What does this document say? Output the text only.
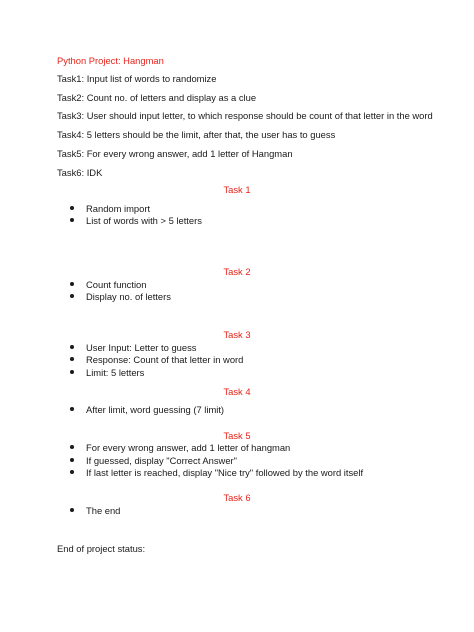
Python Project: Hangman
Task1: Input list of words to randomize
Task2: Count no. of letters and display as a clue
Task3: User should input letter, to which response should be count of that letter in the word
Task4: 5 letters should be the limit, after that, the user has to guess
Task5: For every wrong answer, add 1 letter of Hangman
Task6: IDK
Task 1
Random import
List of words with > 5 letters
Task 2
Count function
Display no. of letters
Task 3
User Input: Letter to guess
Response: Count of that letter in word
Limit: 5 letters
Task 4
After limit, word guessing (7 limit)
Task 5
For every wrong answer, add 1 letter of hangman
If guessed, display "Correct Answer"
If last letter is reached, display "Nice try" followed by the word itself
Task 6
The end
End of project status:
